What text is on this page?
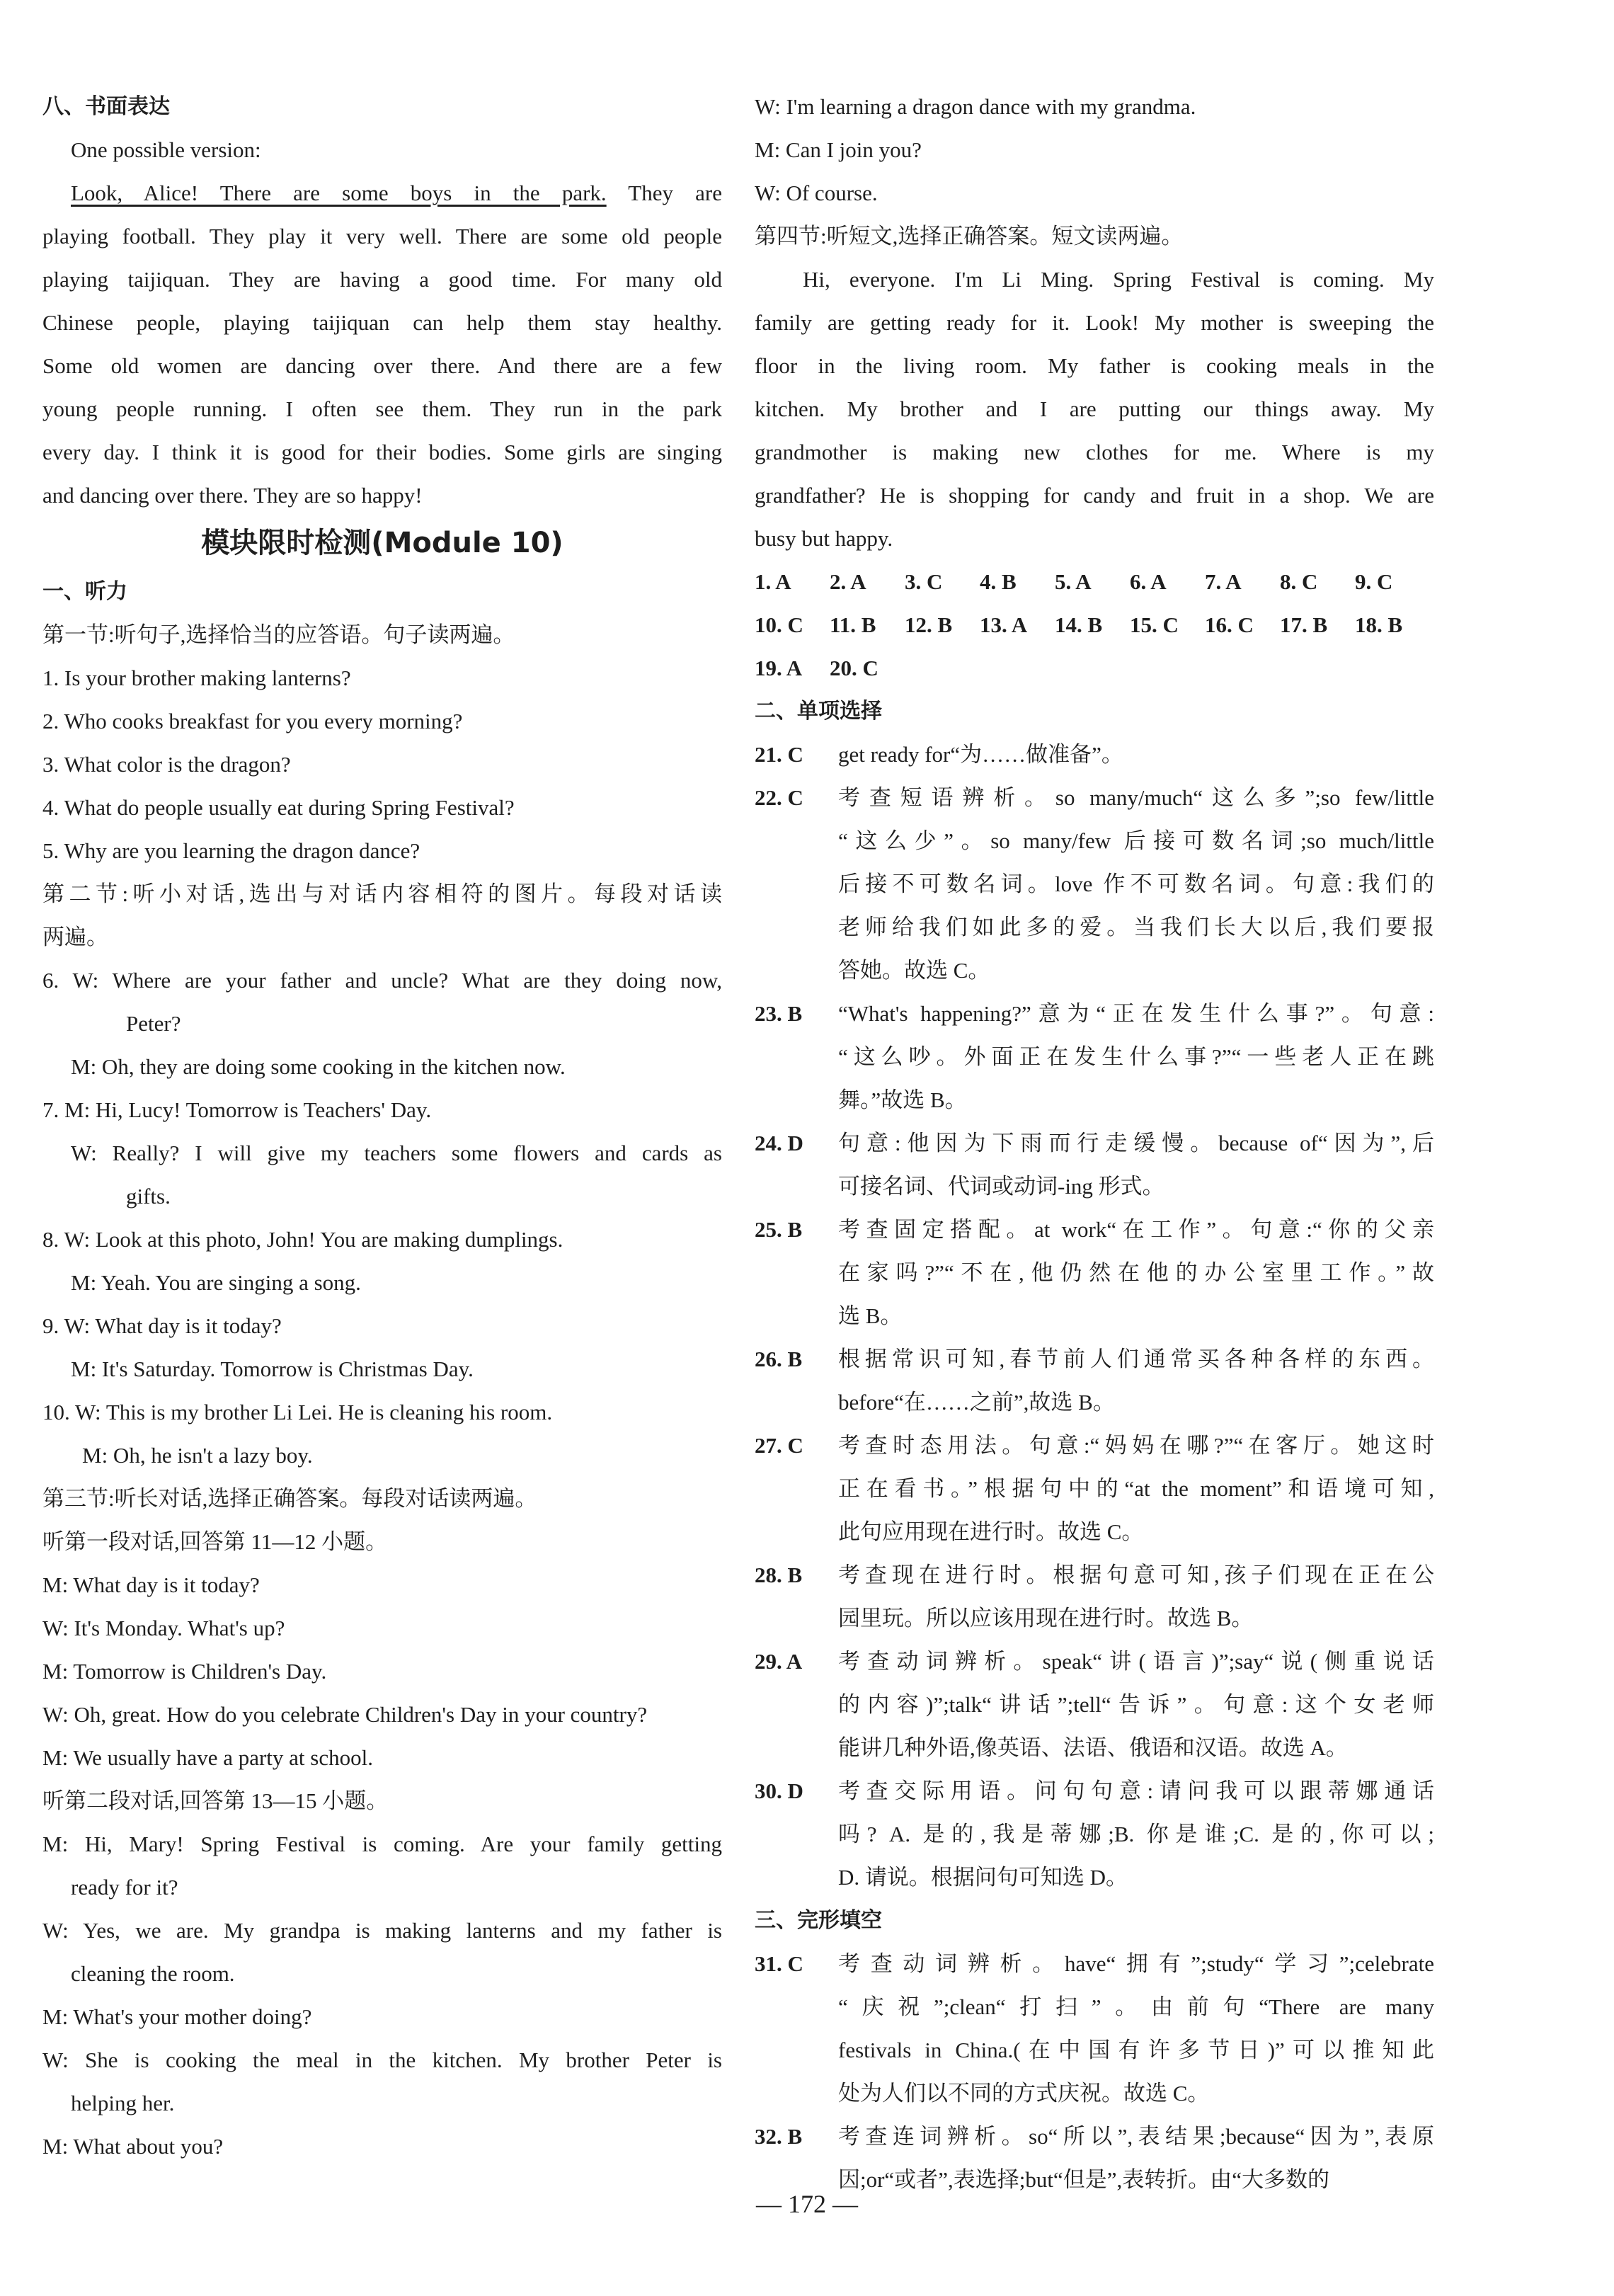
八、书面表达
One possible version:
Look, Alice! There are some boys in the park. They are
playing football. They play it very well. There are some old people
playing taijiquan. They are having a good time. For many old
Chinese people, playing taijiquan can help them stay healthy.
Some old women are dancing over there. And there are a few
young people running. I often see them. They run in the park
every day. I think it is good for their bodies. Some girls are singing
and dancing over there. They are so happy!
模块限时检测(Module 10)
一、听力
第一节:听句子,选择恰当的应答语。句子读两遍。
1. Is your brother making lanterns?
2. Who cooks breakfast for you every morning?
3. What color is the dragon?
4. What do people usually eat during Spring Festival?
5. Why are you learning the dragon dance?
第二节:听小对话,选出与对话内容相符的图片。每段对话读
两遍。
6. W: Where are your father and uncle? What are they doing now,
Peter?
M: Oh, they are doing some cooking in the kitchen now.
7. M: Hi, Lucy! Tomorrow is Teachers' Day.
W: Really? I will give my teachers some flowers and cards as
gifts.
8. W: Look at this photo, John! You are making dumplings.
M: Yeah. You are singing a song.
9. W: What day is it today?
M: It's Saturday. Tomorrow is Christmas Day.
10. W: This is my brother Li Lei. He is cleaning his room.
M: Oh, he isn't a lazy boy.
第三节:听长对话,选择正确答案。每段对话读两遍。
听第一段对话,回答第 11—12 小题。
M: What day is it today?
W: It's Monday. What's up?
M: Tomorrow is Children's Day.
W: Oh, great. How do you celebrate Children's Day in your country?
M: We usually have a party at school.
听第二段对话,回答第 13—15 小题。
M: Hi, Mary! Spring Festival is coming. Are your family getting
ready for it?
W: Yes, we are. My grandpa is making lanterns and my father is
cleaning the room.
M: What's your mother doing?
W: She is cooking the meal in the kitchen. My brother Peter is
helping her.
M: What about you?
W: I'm learning a dragon dance with my grandma.
M: Can I join you?
W: Of course.
第四节:听短文,选择正确答案。短文读两遍。
Hi, everyone. I'm Li Ming. Spring Festival is coming. My
family are getting ready for it. Look! My mother is sweeping the
floor in the living room. My father is cooking meals in the
kitchen. My brother and I are putting our things away. My
grandmother is making new clothes for me. Where is my
grandfather? He is shopping for candy and fruit in a shop. We are
busy but happy.
1. A	2. A	3. C	4. B	5. A	6. A	7. A	8. C	9. C
10. C	11. B	12. B	13. A	14. B	15. C	16. C	17. B	18. B
19. A	20. C
二、单项选择
21. C	get ready for“为……做准备”。
22. C	考查短语辨析。so many/much“这么多”;so few/little
“这么少”。so many/few 后接可数名词;so much/little
后接不可数名词。love 作不可数名词。句意:我们的
老师给我们如此多的爱。当我们长大以后,我们要报
答她。故选 C。
23. B	“What's happening?”意为“正在发生什么事?”。句意:
“这么吵。外面正在发生什么事?”“一些老人正在跳
舞。”故选 B。
24. D	句意:他因为下雨而行走缓慢。because of“因为”,后
可接名词、代词或动词-ing 形式。
25. B	考查固定搭配。at work“在工作”。句意:“你的父亲
在家吗?”“不在,他仍然在他的办公室里工作。”故
选 B。
26. B	根据常识可知,春节前人们通常买各种各样的东西。
before“在……之前”,故选 B。
27. C	考查时态用法。句意:“妈妈在哪?”“在客厅。她这时
正在看书。”根据句中的“at the moment”和语境可知,
此句应用现在进行时。故选 C。
28. B	考查现在进行时。根据句意可知,孩子们现在正在公
园里玩。所以应该用现在进行时。故选 B。
29. A	考查动词辨析。speak“讲(语言)”;say“说(侧重说话
的内容)”;talk“讲话”;tell“告诉”。句意:这个女老师
能讲几种外语,像英语、法语、俄语和汉语。故选 A。
30. D	考查交际用语。问句句意:请问我可以跟蒂娜通话
吗? A. 是的,我是蒂娜;B. 你是谁;C. 是的,你可以;
D. 请说。根据问句可知选 D。
三、完形填空
31. C	考查动词辨析。have“拥有”;study“学习”;celebrate
“庆祝”;clean“打扫”。由前句“There are many
festivals in China.(在中国有许多节日)”可以推知此
处为人们以不同的方式庆祝。故选 C。
32. B	考查连词辨析。so“所以”,表结果;because“因为”,表原
因;or“或者”,表选择;but“但是”,表转折。由“大多数的
— 172 —
